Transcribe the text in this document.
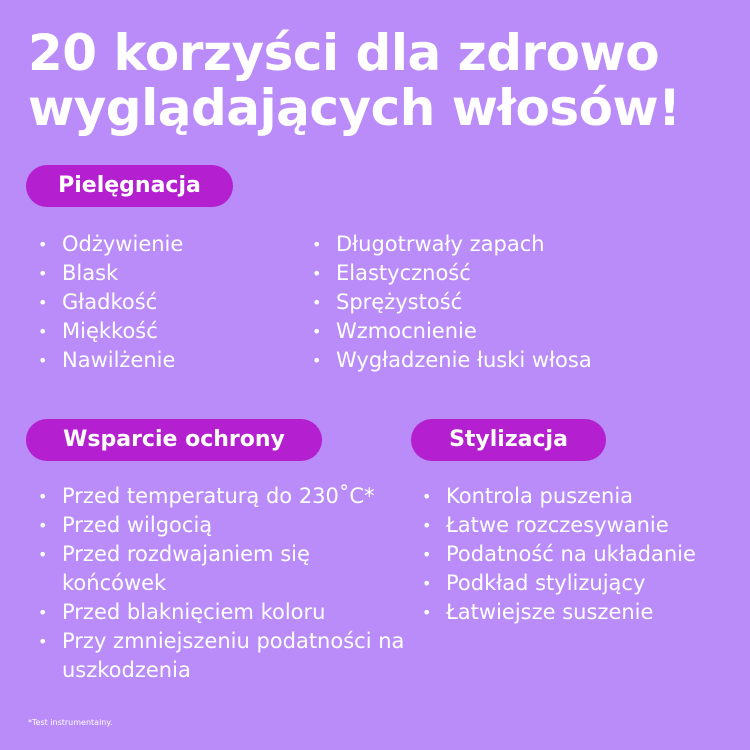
20 korzyści dla zdrowo
wyglądających włosów!
Pielęgnacja
• Odżywienie
• Blask
• Gładkość
• Miękkość
• Nawilżenie
• Długotrwały zapach
• Elastyczność
• Sprężystość
• Wzmocnienie
• Wygładzenie łuski włosa
Wsparcie ochrony
• Przed temperaturą do 230˚C*
• Przed wilgocią
• Przed rozdwajaniem się końcówek
• Przed blaknięciem koloru
• Przy zmniejszeniu podatności na uszkodzenia
Stylizacja
• Kontrola puszenia
• Łatwe rozczesywanie
• Podatność na układanie
• Podkład stylizujący
• Łatwiejsze suszenie
*Test instrumentalny.
